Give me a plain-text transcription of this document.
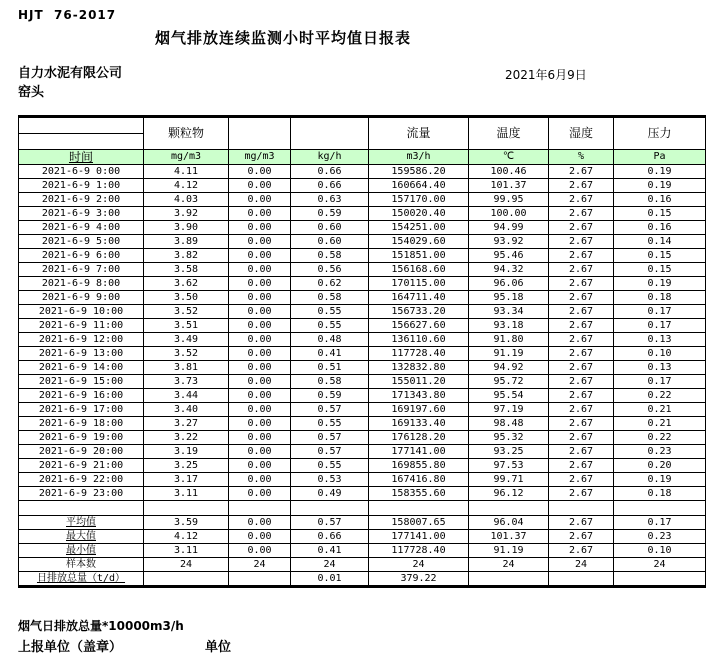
HJT  76-2017
烟气排放连续监测小时平均值日报表
自力水泥有限公司
窑头
2021年6月9日
	颗粒物			流量	温度	湿度	压力

时间	mg/m3	mg/m3	kg/h	m3/h	℃	%	Pa
2021-6-9 0:00	4.11	0.00	0.66	159586.20	100.46	2.67	0.19
2021-6-9 1:00	4.12	0.00	0.66	160664.40	101.37	2.67	0.19
2021-6-9 2:00	4.03	0.00	0.63	157170.00	99.95	2.67	0.16
2021-6-9 3:00	3.92	0.00	0.59	150020.40	100.00	2.67	0.15
2021-6-9 4:00	3.90	0.00	0.60	154251.00	94.99	2.67	0.16
2021-6-9 5:00	3.89	0.00	0.60	154029.60	93.92	2.67	0.14
2021-6-9 6:00	3.82	0.00	0.58	151851.00	95.46	2.67	0.15
2021-6-9 7:00	3.58	0.00	0.56	156168.60	94.32	2.67	0.15
2021-6-9 8:00	3.62	0.00	0.62	170115.00	96.06	2.67	0.19
2021-6-9 9:00	3.50	0.00	0.58	164711.40	95.18	2.67	0.18
2021-6-9 10:00	3.52	0.00	0.55	156733.20	93.34	2.67	0.17
2021-6-9 11:00	3.51	0.00	0.55	156627.60	93.18	2.67	0.17
2021-6-9 12:00	3.49	0.00	0.48	136110.60	91.80	2.67	0.13
2021-6-9 13:00	3.52	0.00	0.41	117728.40	91.19	2.67	0.10
2021-6-9 14:00	3.81	0.00	0.51	132832.80	94.92	2.67	0.13
2021-6-9 15:00	3.73	0.00	0.58	155011.20	95.72	2.67	0.17
2021-6-9 16:00	3.44	0.00	0.59	171343.80	95.54	2.67	0.22
2021-6-9 17:00	3.40	0.00	0.57	169197.60	97.19	2.67	0.21
2021-6-9 18:00	3.27	0.00	0.55	169133.40	98.48	2.67	0.21
2021-6-9 19:00	3.22	0.00	0.57	176128.20	95.32	2.67	0.22
2021-6-9 20:00	3.19	0.00	0.57	177141.00	93.25	2.67	0.23
2021-6-9 21:00	3.25	0.00	0.55	169855.80	97.53	2.67	0.20
2021-6-9 22:00	3.17	0.00	0.53	167416.80	99.71	2.67	0.19
2021-6-9 23:00	3.11	0.00	0.49	158355.60	96.12	2.67	0.18

平均值	3.59	0.00	0.57	158007.65	96.04	2.67	0.17
最大值	4.12	0.00	0.66	177141.00	101.37	2.67	0.23
最小值	3.11	0.00	0.41	117728.40	91.19	2.67	0.10
样本数	24	24	24	24	24	24	24
日排放总量（t/d）			0.01	379.22			
烟气日排放总量*10000m3/h
上报单位（盖章）	单位
